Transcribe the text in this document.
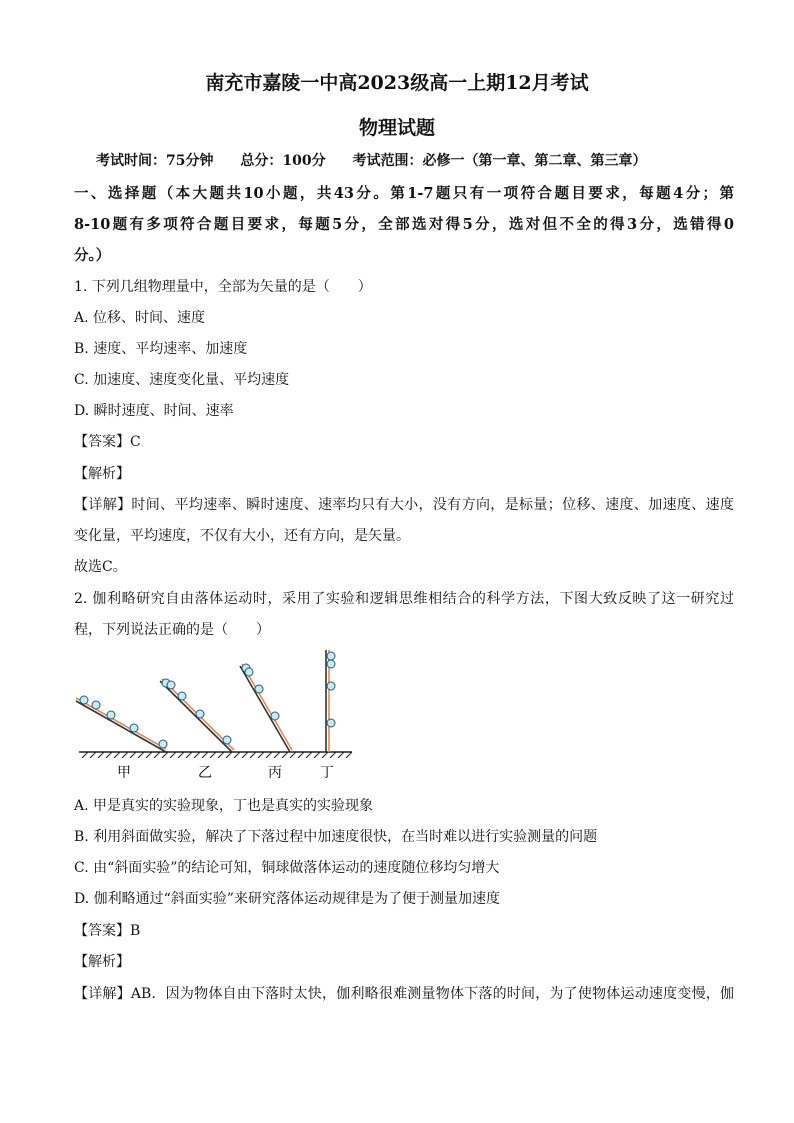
南充市嘉陵一中高2023级高一上期12月考试
物理试题
考试时间：75分钟 总分：100分 考试范围：必修一（第一章、第二章、第三章）
一、选择题（本大题共10小题，共43分。第1-7题只有一项符合题目要求，每题4分；第
8-10题有多项符合题目要求，每题5分，全部选对得5分，选对但不全的得3分，选错得0
分。）
1. 下列几组物理量中，全部为矢量的是（　　）
A. 位移、时间、速度
B. 速度、平均速率、加速度
C. 加速度、速度变化量、平均速度
D. 瞬时速度、时间、速率
【答案】C
【解析】
【详解】时间、平均速率、瞬时速度、速率均只有大小，没有方向，是标量；位移、速度、加速度、速度
变化量，平均速度，不仅有大小，还有方向，是矢量。
故选C。
2. 伽利略研究自由落体运动时，采用了实验和逻辑思维相结合的科学方法，下图大致反映了这一研究过
程，下列说法正确的是（　　）
甲	乙	丙	丁
A. 甲是真实的实验现象，丁也是真实的实验现象
B. 利用斜面做实验，解决了下落过程中加速度很快，在当时难以进行实验测量的问题
C. 由“斜面实验”的结论可知，铜球做落体运动的速度随位移均匀增大
D. 伽利略通过“斜面实验”来研究落体运动规律是为了便于测量加速度
【答案】B
【解析】
【详解】AB．因为物体自由下落时太快，伽利略很难测量物体下落的时间，为了使物体运动速度变慢，伽
